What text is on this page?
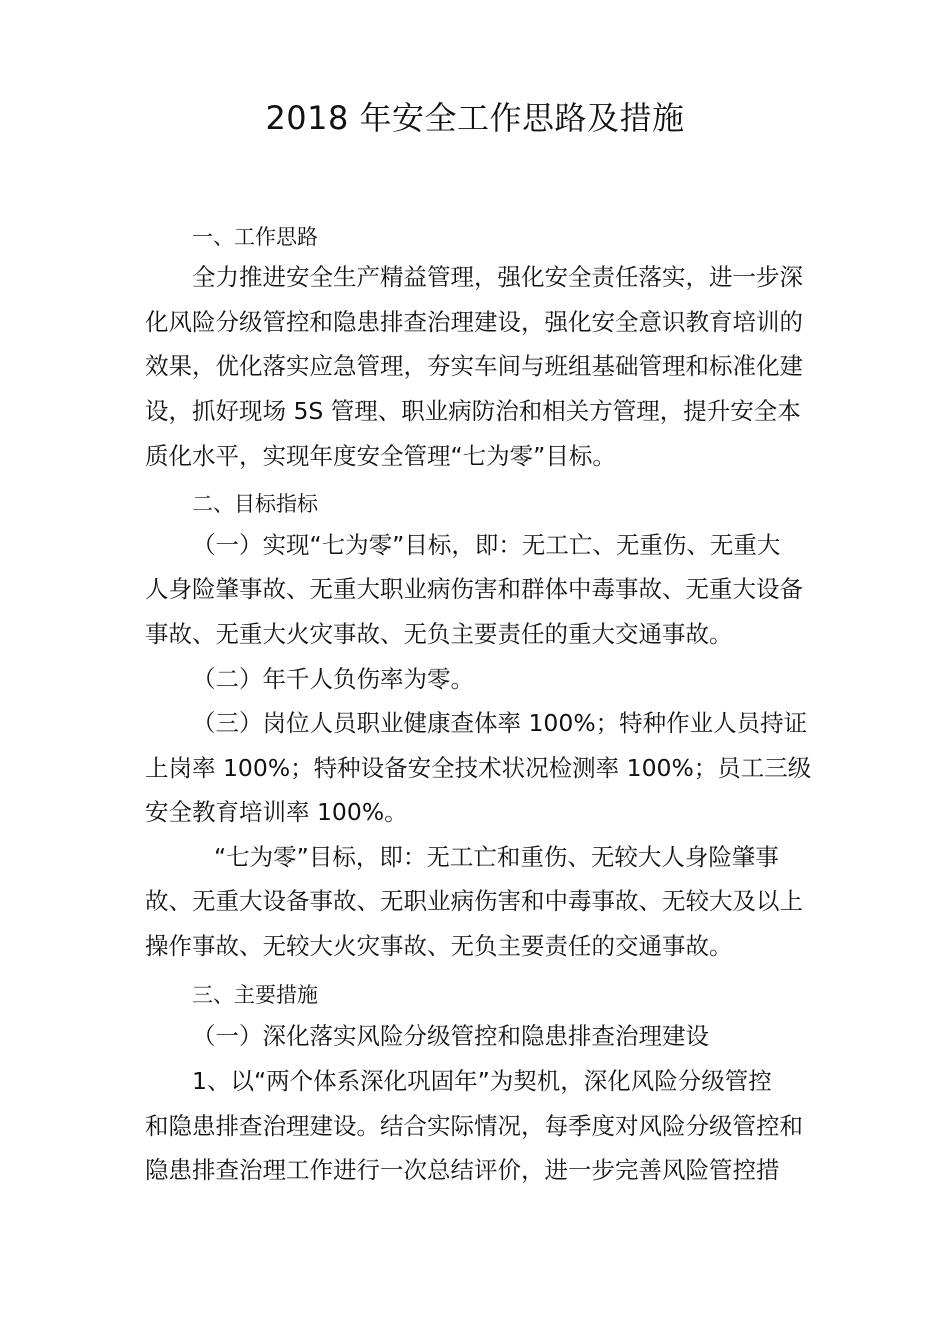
2018 年安全工作思路及措施

一、工作思路

全力推进安全生产精益管理，强化安全责任落实，进一步深

化风险分级管控和隐患排查治理建设，强化安全意识教育培训的

效果，优化落实应急管理，夯实车间与班组基础管理和标准化建

设，抓好现场 5S 管理、职业病防治和相关方管理，提升安全本

质化水平，实现年度安全管理“七为零”目标。

二、目标指标

（一）实现“七为零”目标，即：无工亡、无重伤、无重大

人身险肇事故、无重大职业病伤害和群体中毒事故、无重大设备

事故、无重大火灾事故、无负主要责任的重大交通事故。

（二）年千人负伤率为零。

（三）岗位人员职业健康查体率 100%；特种作业人员持证

上岗率 100%；特种设备安全技术状况检测率 100%；员工三级

安全教育培训率 100%。

“七为零”目标，即：无工亡和重伤、无较大人身险肇事

故、无重大设备事故、无职业病伤害和中毒事故、无较大及以上

操作事故、无较大火灾事故、无负主要责任的交通事故。

三、主要措施

（一）深化落实风险分级管控和隐患排查治理建设

1、以“两个体系深化巩固年”为契机，深化风险分级管控

和隐患排查治理建设。结合实际情况，每季度对风险分级管控和

隐患排查治理工作进行一次总结评价，进一步完善风险管控措
